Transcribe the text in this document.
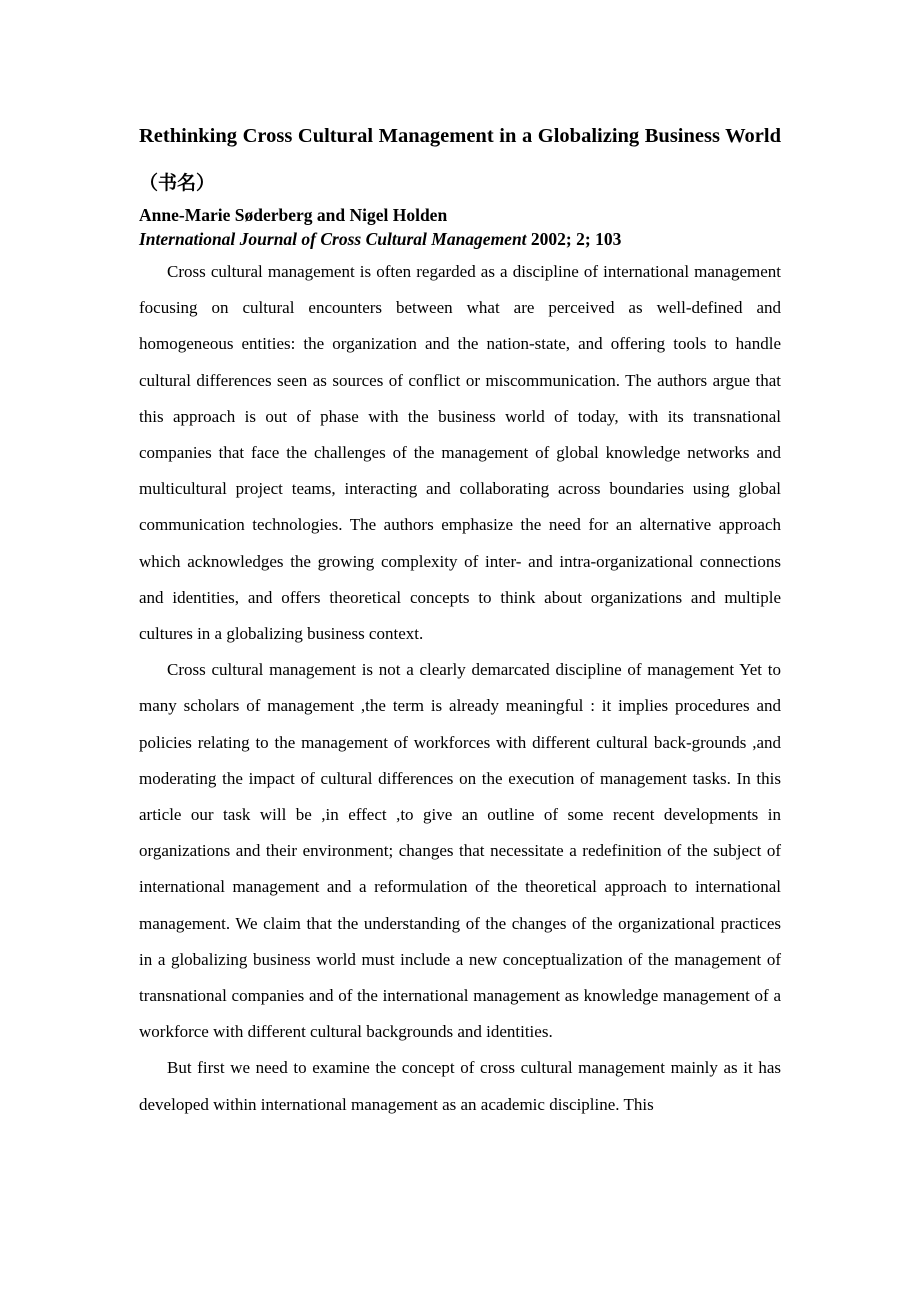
Rethinking Cross Cultural Management in a Globalizing Business World（书名）

Anne-Marie Søderberg and Nigel Holden

International Journal of Cross Cultural Management 2002; 2; 103

Cross cultural management is often regarded as a discipline of international management focusing on cultural encounters between what are perceived as well-defined and homogeneous entities: the organization and the nation-state, and offering tools to handle cultural differences seen as sources of conflict or miscommunication. The authors argue that this approach is out of phase with the business world of today, with its transnational companies that face the challenges of the management of global knowledge networks and multicultural project teams, interacting and collaborating across boundaries using global communication technologies. The authors emphasize the need for an alternative approach which acknowledges the growing complexity of inter- and intra-organizational connections and identities, and offers theoretical concepts to think about organizations and multiple cultures in a globalizing business context.

Cross cultural management is not a clearly demarcated discipline of management Yet to many scholars of management ,the term is already meaningful : it implies procedures and policies relating to the management of workforces with different cultural back-grounds ,and moderating the impact of cultural differences on the execution of management tasks. In this article our task will be ,in effect ,to give an outline of some recent developments in organizations and their environment; changes that necessitate a redefinition of the subject of international management and a reformulation of the theoretical approach to international management. We claim that the understanding of the changes of the organizational practices in a globalizing business world must include a new conceptualization of the management of transnational companies and of the international management as knowledge management of a workforce with different cultural backgrounds and identities.

But first we need to examine the concept of cross cultural management mainly as it has developed within international management as an academic discipline. This
